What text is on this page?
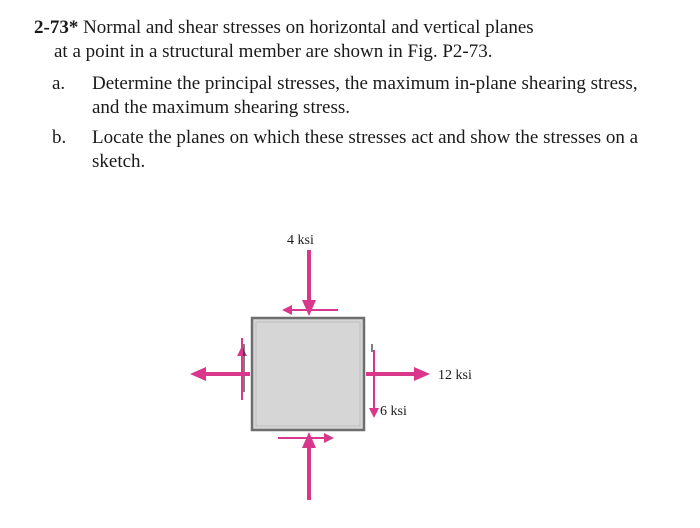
2-73* Normal and shear stresses on horizontal and vertical planes

at a point in a structural member are shown in Fig. P2-73.

a. Determine the principal stresses, the maximum in-plane shearing stress, and the maximum shearing stress.
b. Locate the planes on which these stresses act and show the stresses on a sketch.
4 ksi
12 ksi
6 ksi
